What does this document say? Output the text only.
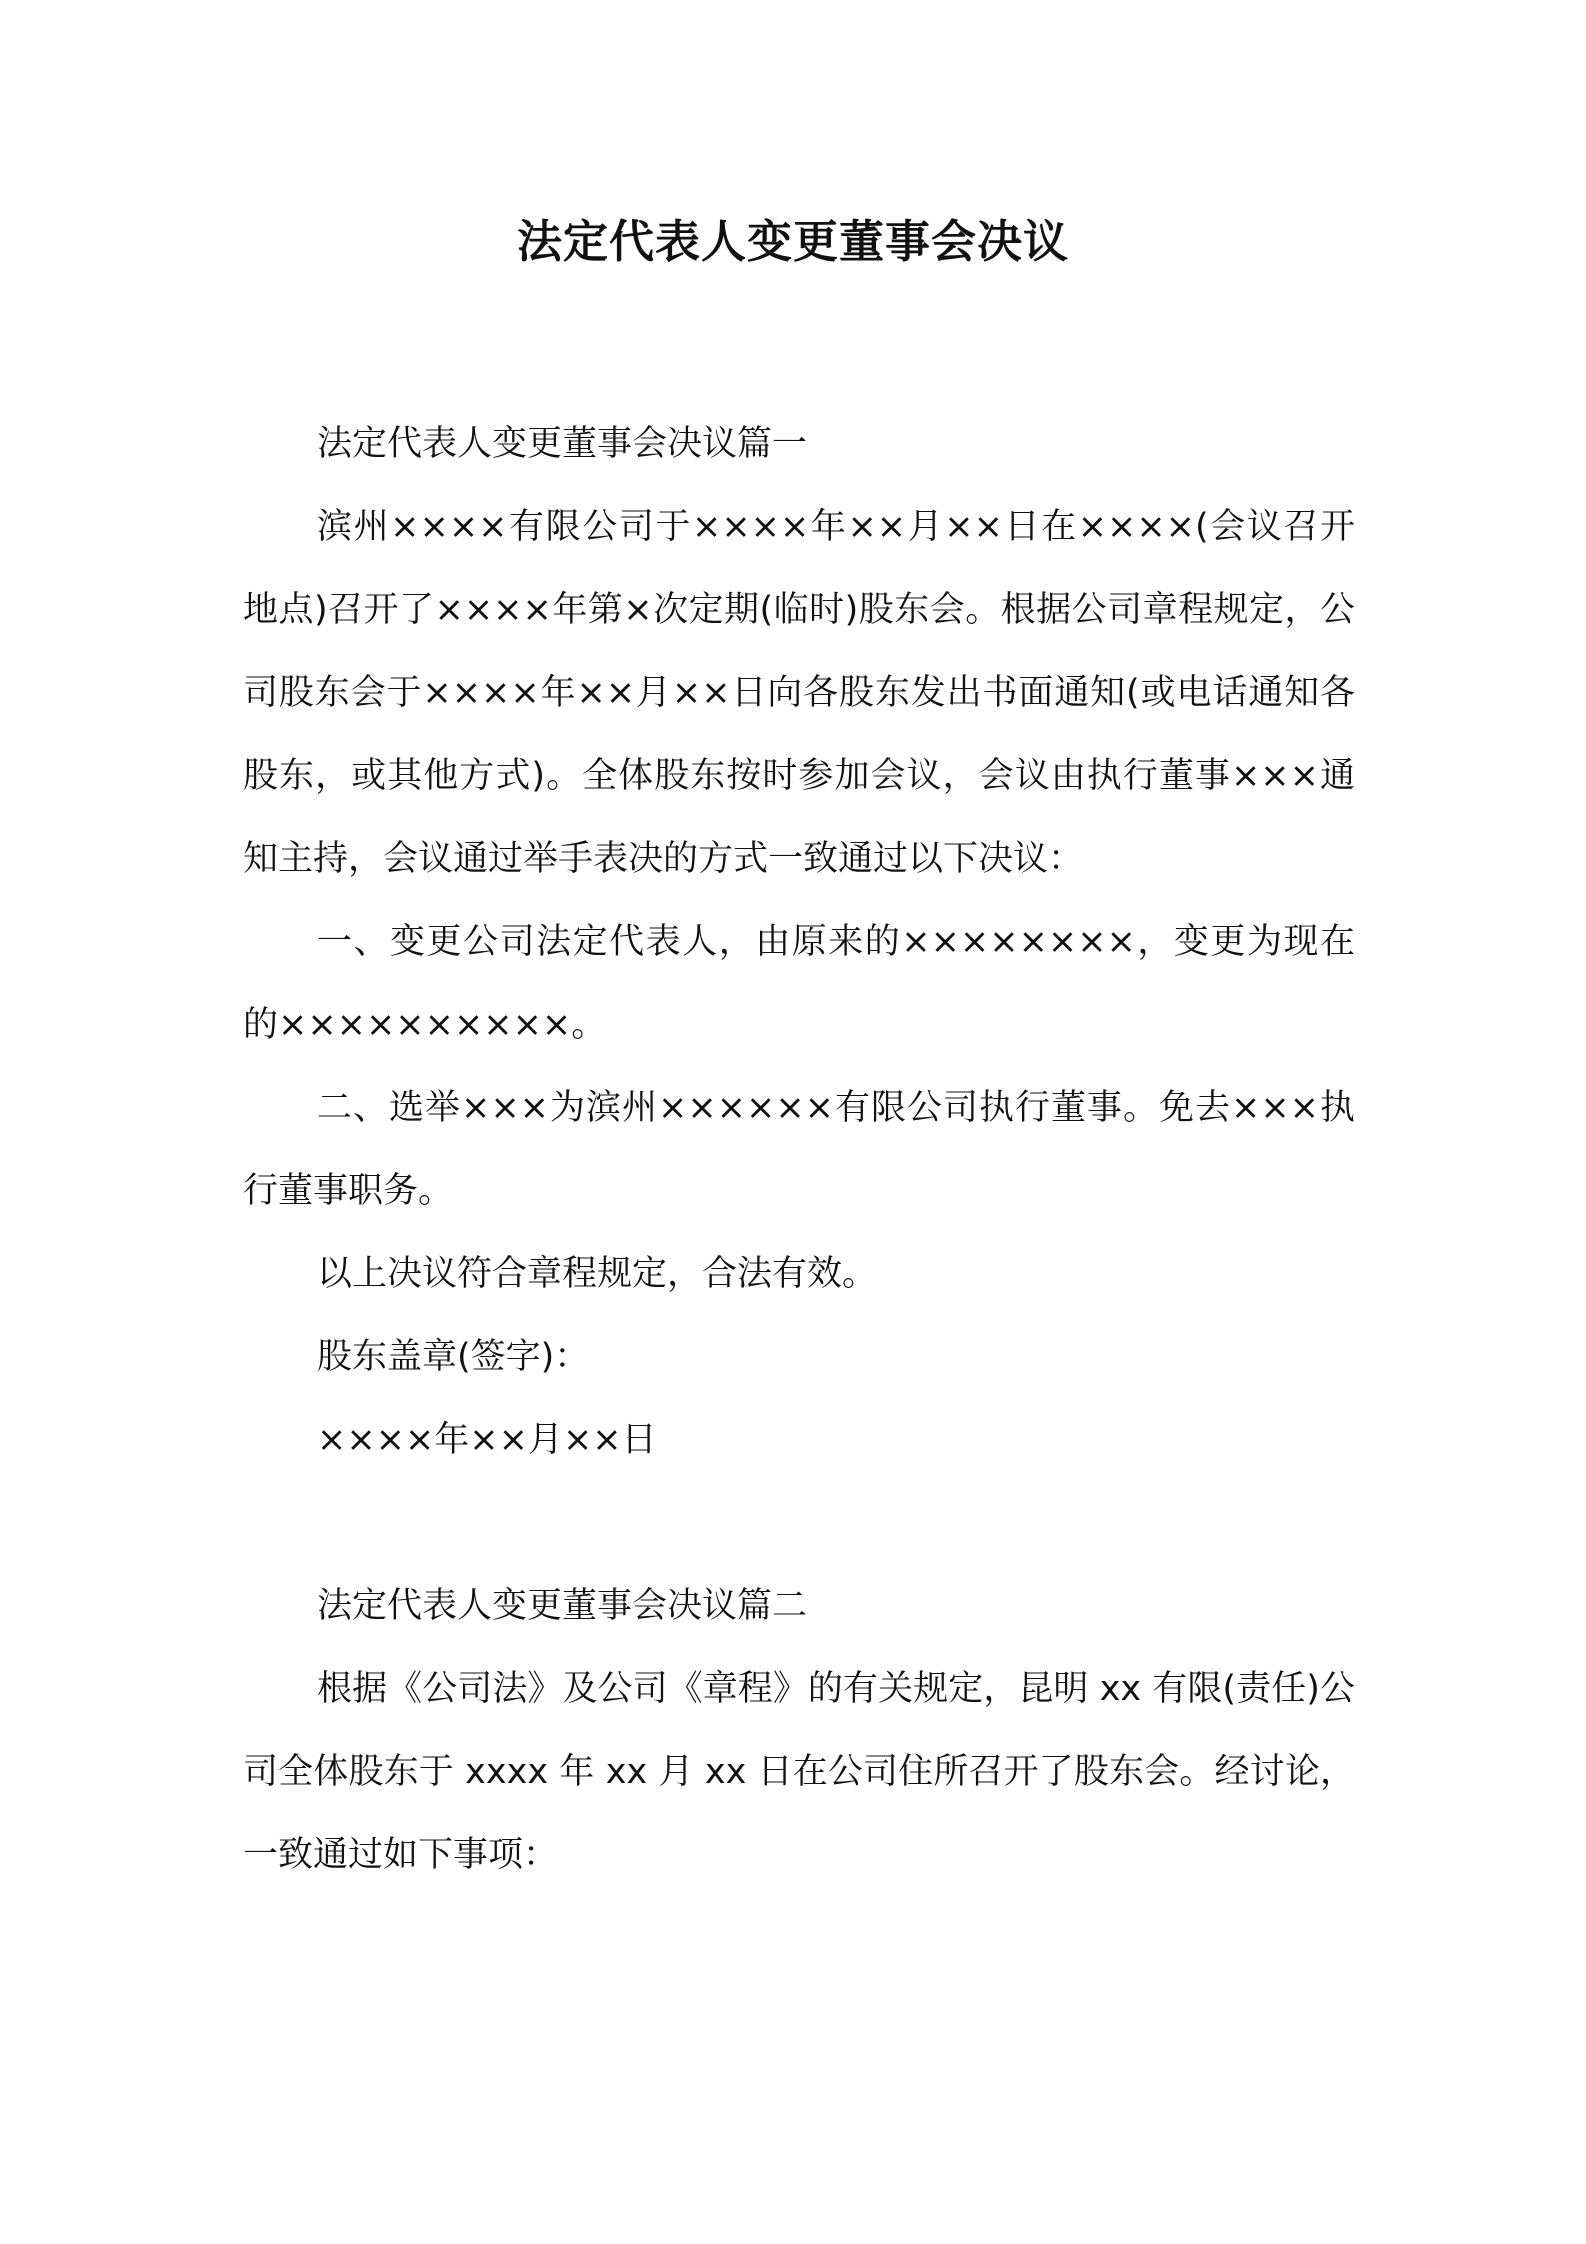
法定代表人变更董事会决议

法定代表人变更董事会决议篇一

滨州××××有限公司于××××年××月××日在××××(会议召开地点)召开了××××年第×次定期(临时)股东会。根据公司章程规定，公司股东会于××××年××月××日向各股东发出书面通知(或电话通知各股东，或其他方式)。全体股东按时参加会议，会议由执行董事×××通知主持，会议通过举手表决的方式一致通过以下决议：

一、变更公司法定代表人，由原来的××××××××，变更为现在的××××××××××。

二、选举×××为滨州××××××有限公司执行董事。免去×××执行董事职务。

以上决议符合章程规定，合法有效。

股东盖章(签字)：

××××年××月××日

法定代表人变更董事会决议篇二

根据《公司法》及公司《章程》的有关规定，昆明 xx 有限(责任)公司全体股东于 xxxx 年 xx 月 xx 日在公司住所召开了股东会。经讨论，一致通过如下事项：
